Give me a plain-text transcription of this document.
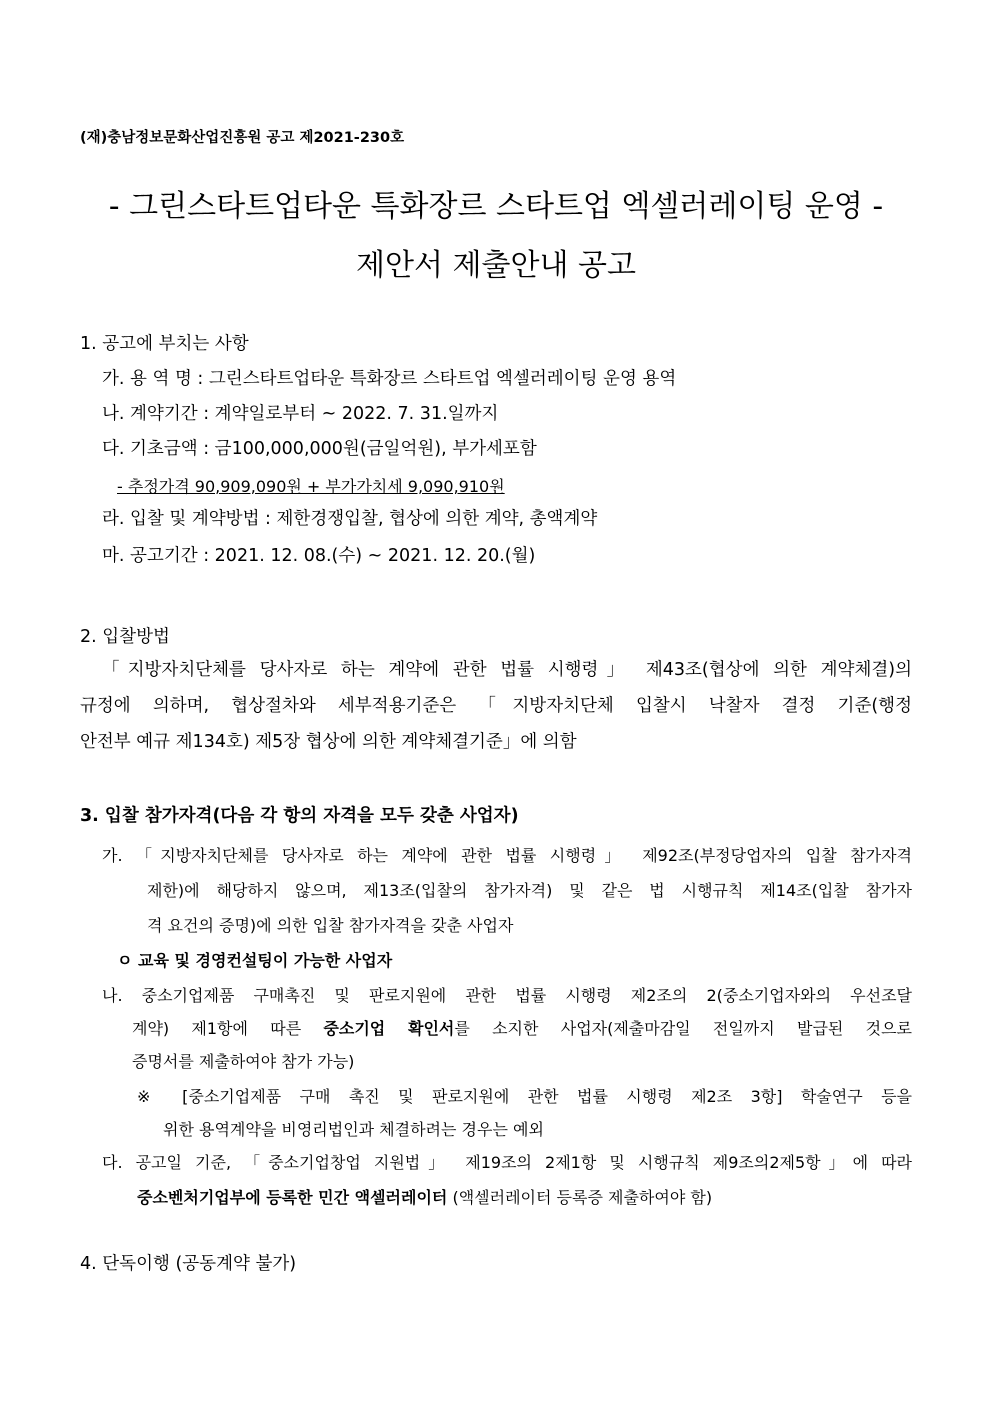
(재)충남정보문화산업진흥원 공고 제2021-230호
- 그린스타트업타운 특화장르 스타트업 엑셀러레이팅 운영 -
제안서 제출안내 공고
1. 공고에 부치는 사항
가. 용 역 명 : 그린스타트업타운 특화장르 스타트업 엑셀러레이팅 운영 용역
나. 계약기간 : 계약일로부터 ~ 2022. 7. 31.일까지
다. 기초금액 : 금100,000,000원(금일억원), 부가세포함
- 추정가격 90,909,090원 + 부가가치세 9,090,910원
라. 입찰 및 계약방법 : 제한경쟁입찰, 협상에 의한 계약, 총액계약
마. 공고기간 : 2021. 12. 08.(수) ~ 2021. 12. 20.(월)
2. 입찰방법
「지방자치단체를 당사자로 하는 계약에 관한 법률 시행령」 제43조(협상에 의한 계약체결)의
규정에 의하며, 협상절차와 세부적용기준은 「지방자치단체 입찰시 낙찰자 결정 기준(행정
안전부 예규 제134호) 제5장 협상에 의한 계약체결기준」에 의함
3. 입찰 참가자격(다음 각 항의 자격을 모두 갖춘 사업자)
가. 「지방자치단체를 당사자로 하는 계약에 관한 법률 시행령」 제92조(부정당업자의 입찰 참가자격
제한)에 해당하지 않으며, 제13조(입찰의 참가자격) 및 같은 법 시행규칙 제14조(입찰 참가자
격 요건의 증명)에 의한 입찰 참가자격을 갖춘 사업자
ㅇ 교육 및 경영컨설팅이 가능한 사업자
나. 중소기업제품 구매촉진 및 판로지원에 관한 법률 시행령 제2조의 2(중소기업자와의 우선조달
계약) 제1항에 따른 중소기업 확인서를 소지한 사업자(제출마감일 전일까지 발급된 것으로
증명서를 제출하여야 참가 가능)
※ [중소기업제품 구매 촉진 및 판로지원에 관한 법률 시행령 제2조 3항] 학술연구 등을
위한 용역계약을 비영리법인과 체결하려는 경우는 예외
다. 공고일 기준, 「중소기업창업 지원법」 제19조의 2제1항 및 시행규칙 제9조의2제5항」에 따라
중소벤처기업부에 등록한 민간 액셀러레이터 (액셀러레이터 등록증 제출하여야 함)
4. 단독이행 (공동계약 불가)
